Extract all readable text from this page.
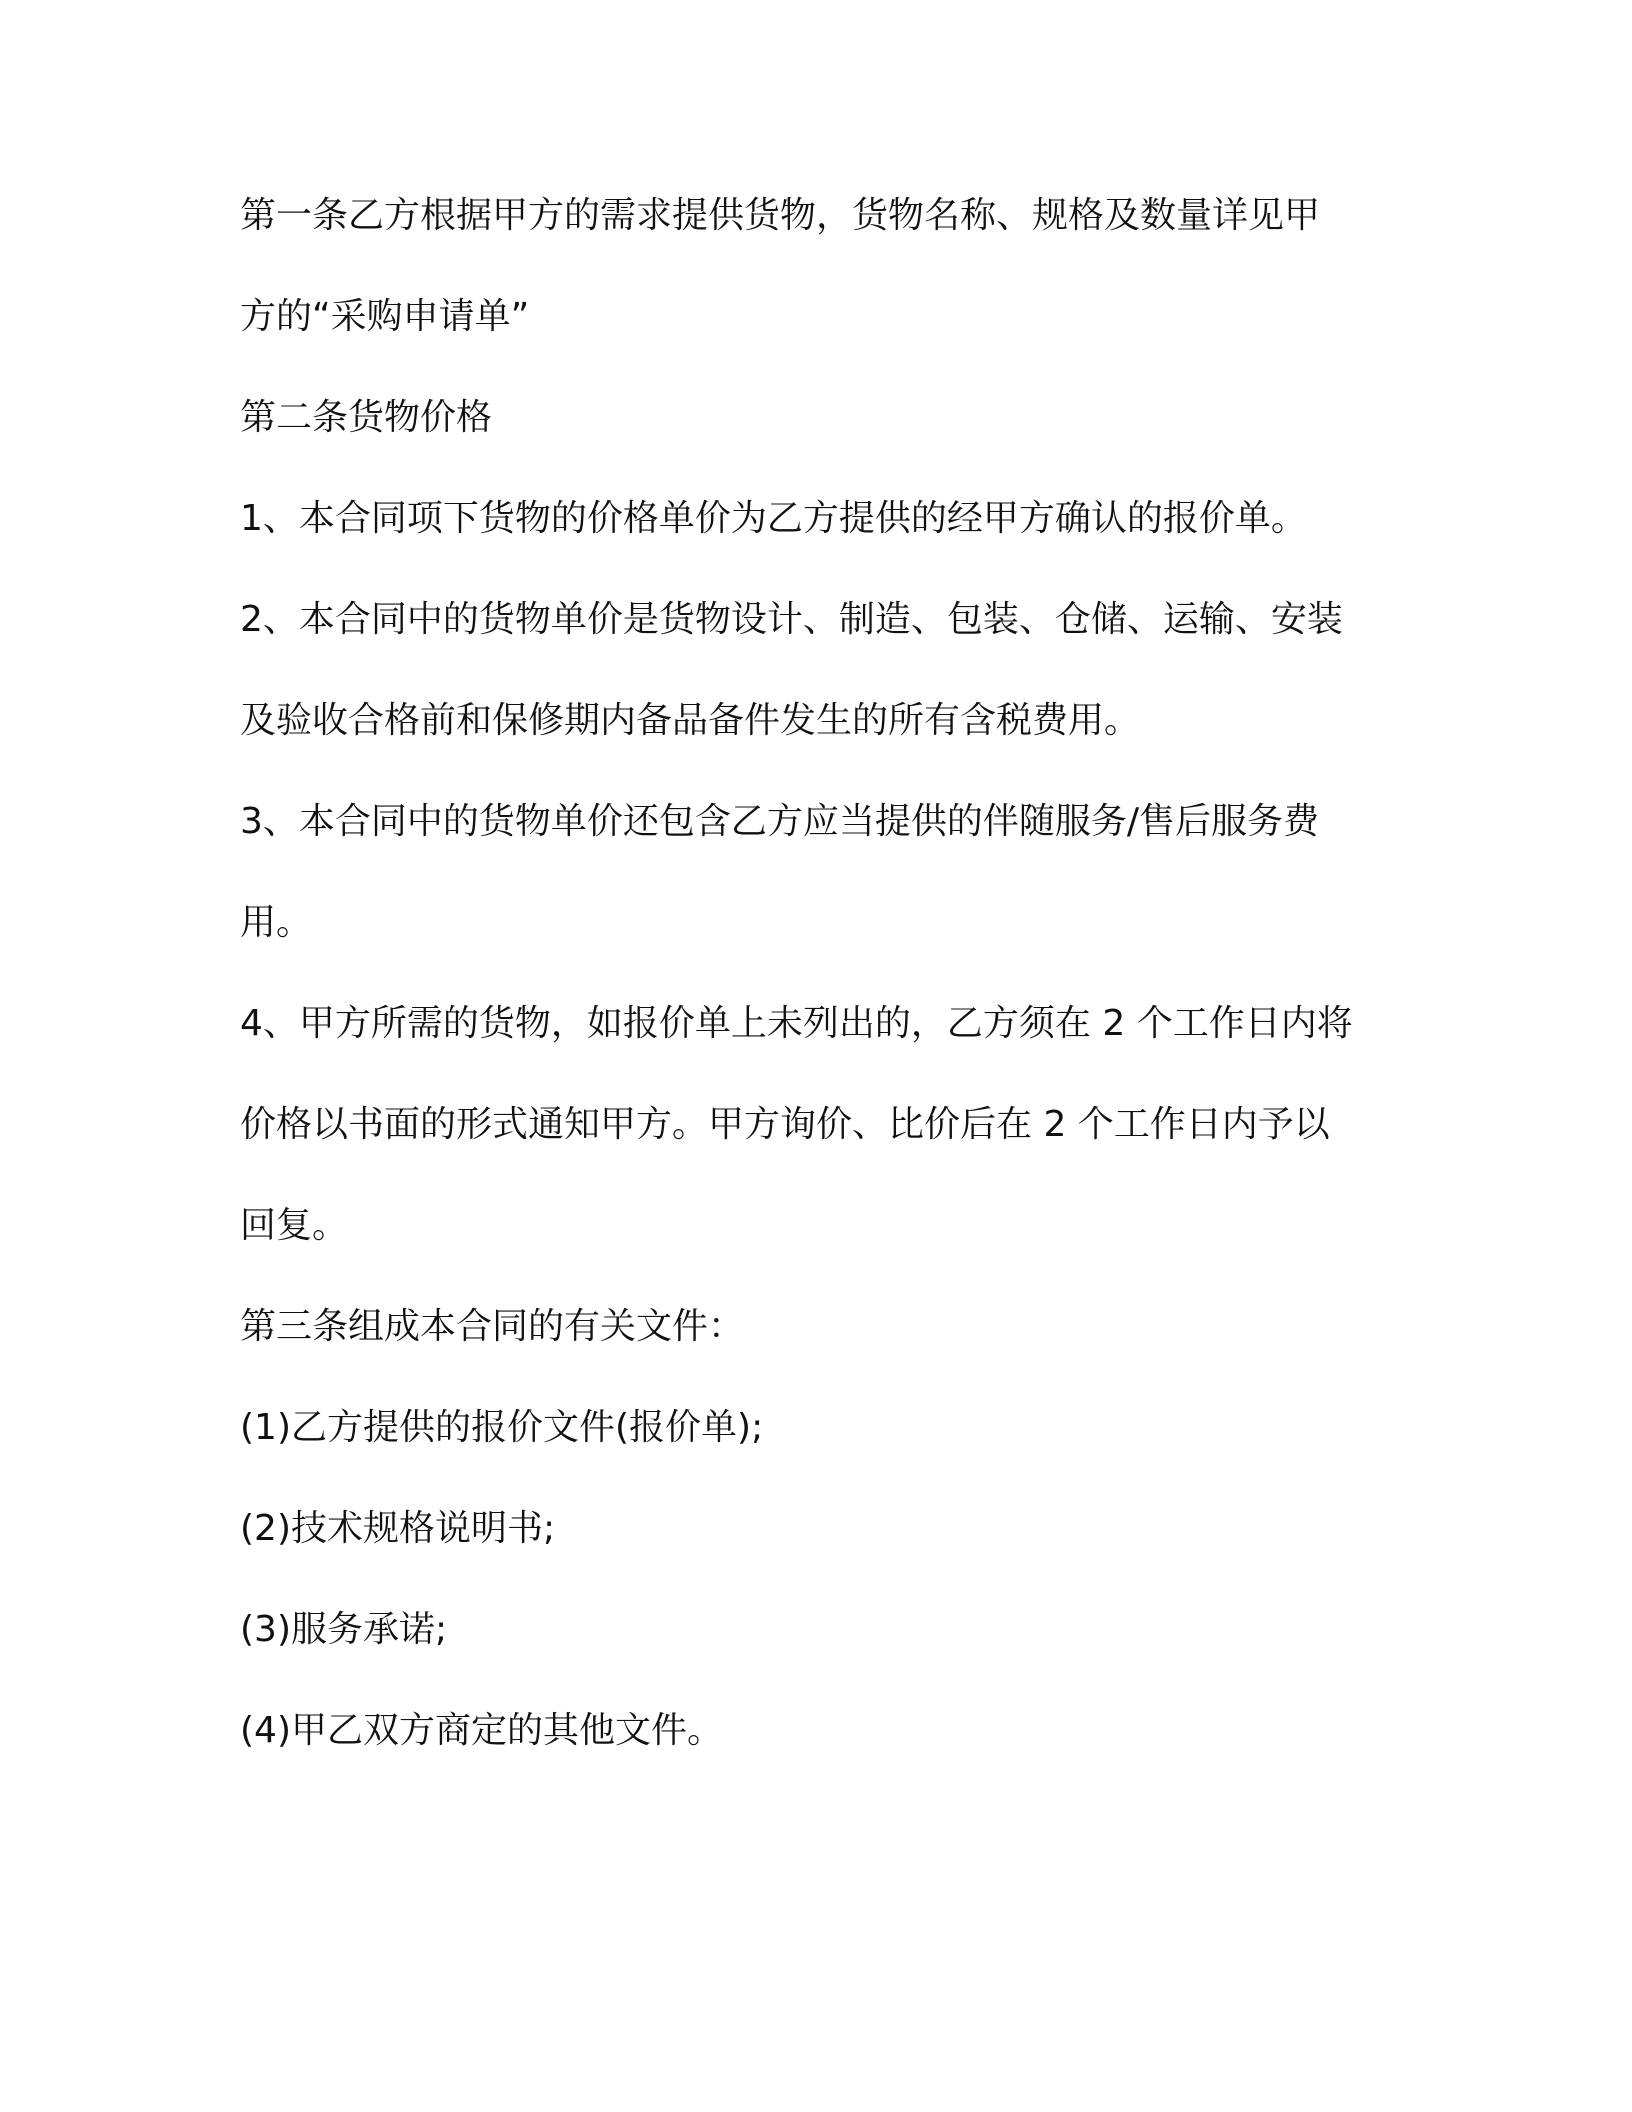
第一条乙方根据甲方的需求提供货物，货物名称、规格及数量详见甲
方的“采购申请单”
第二条货物价格
1、本合同项下货物的价格单价为乙方提供的经甲方确认的报价单。
2、本合同中的货物单价是货物设计、制造、包装、仓储、运输、安装
及验收合格前和保修期内备品备件发生的所有含税费用。
3、本合同中的货物单价还包含乙方应当提供的伴随服务/售后服务费
用。
4、甲方所需的货物，如报价单上未列出的，乙方须在 2 个工作日内将
价格以书面的形式通知甲方。甲方询价、比价后在 2 个工作日内予以
回复。
第三条组成本合同的有关文件：
(1)乙方提供的报价文件(报价单);
(2)技术规格说明书;
(3)服务承诺;
(4)甲乙双方商定的其他文件。
